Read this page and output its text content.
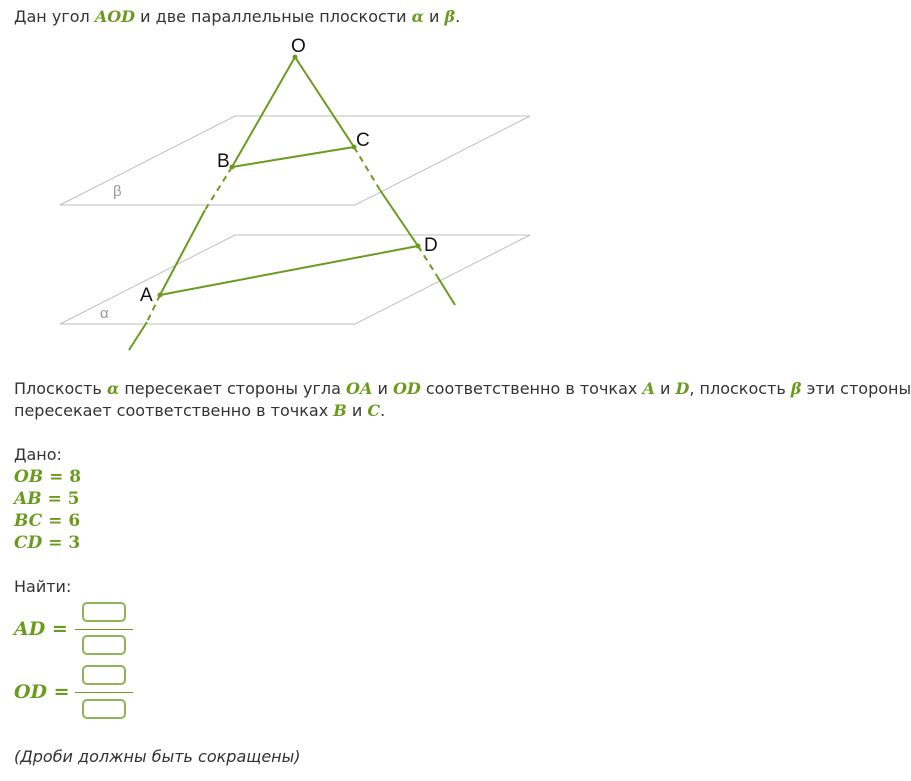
Дан угол AOD и две параллельные плоскости α и β.
O
B
C
D
A
β
α
Плоскость α пересекает стороны угла OA и OD соответственно в точках A и D, плоскость β эти стороны
пересекает соответственно в точках B и C.
Дано:
OB = 8
AB = 5
BC = 6
CD = 3
Найти:
AD =
OD =
(Дроби должны быть сокращены)
